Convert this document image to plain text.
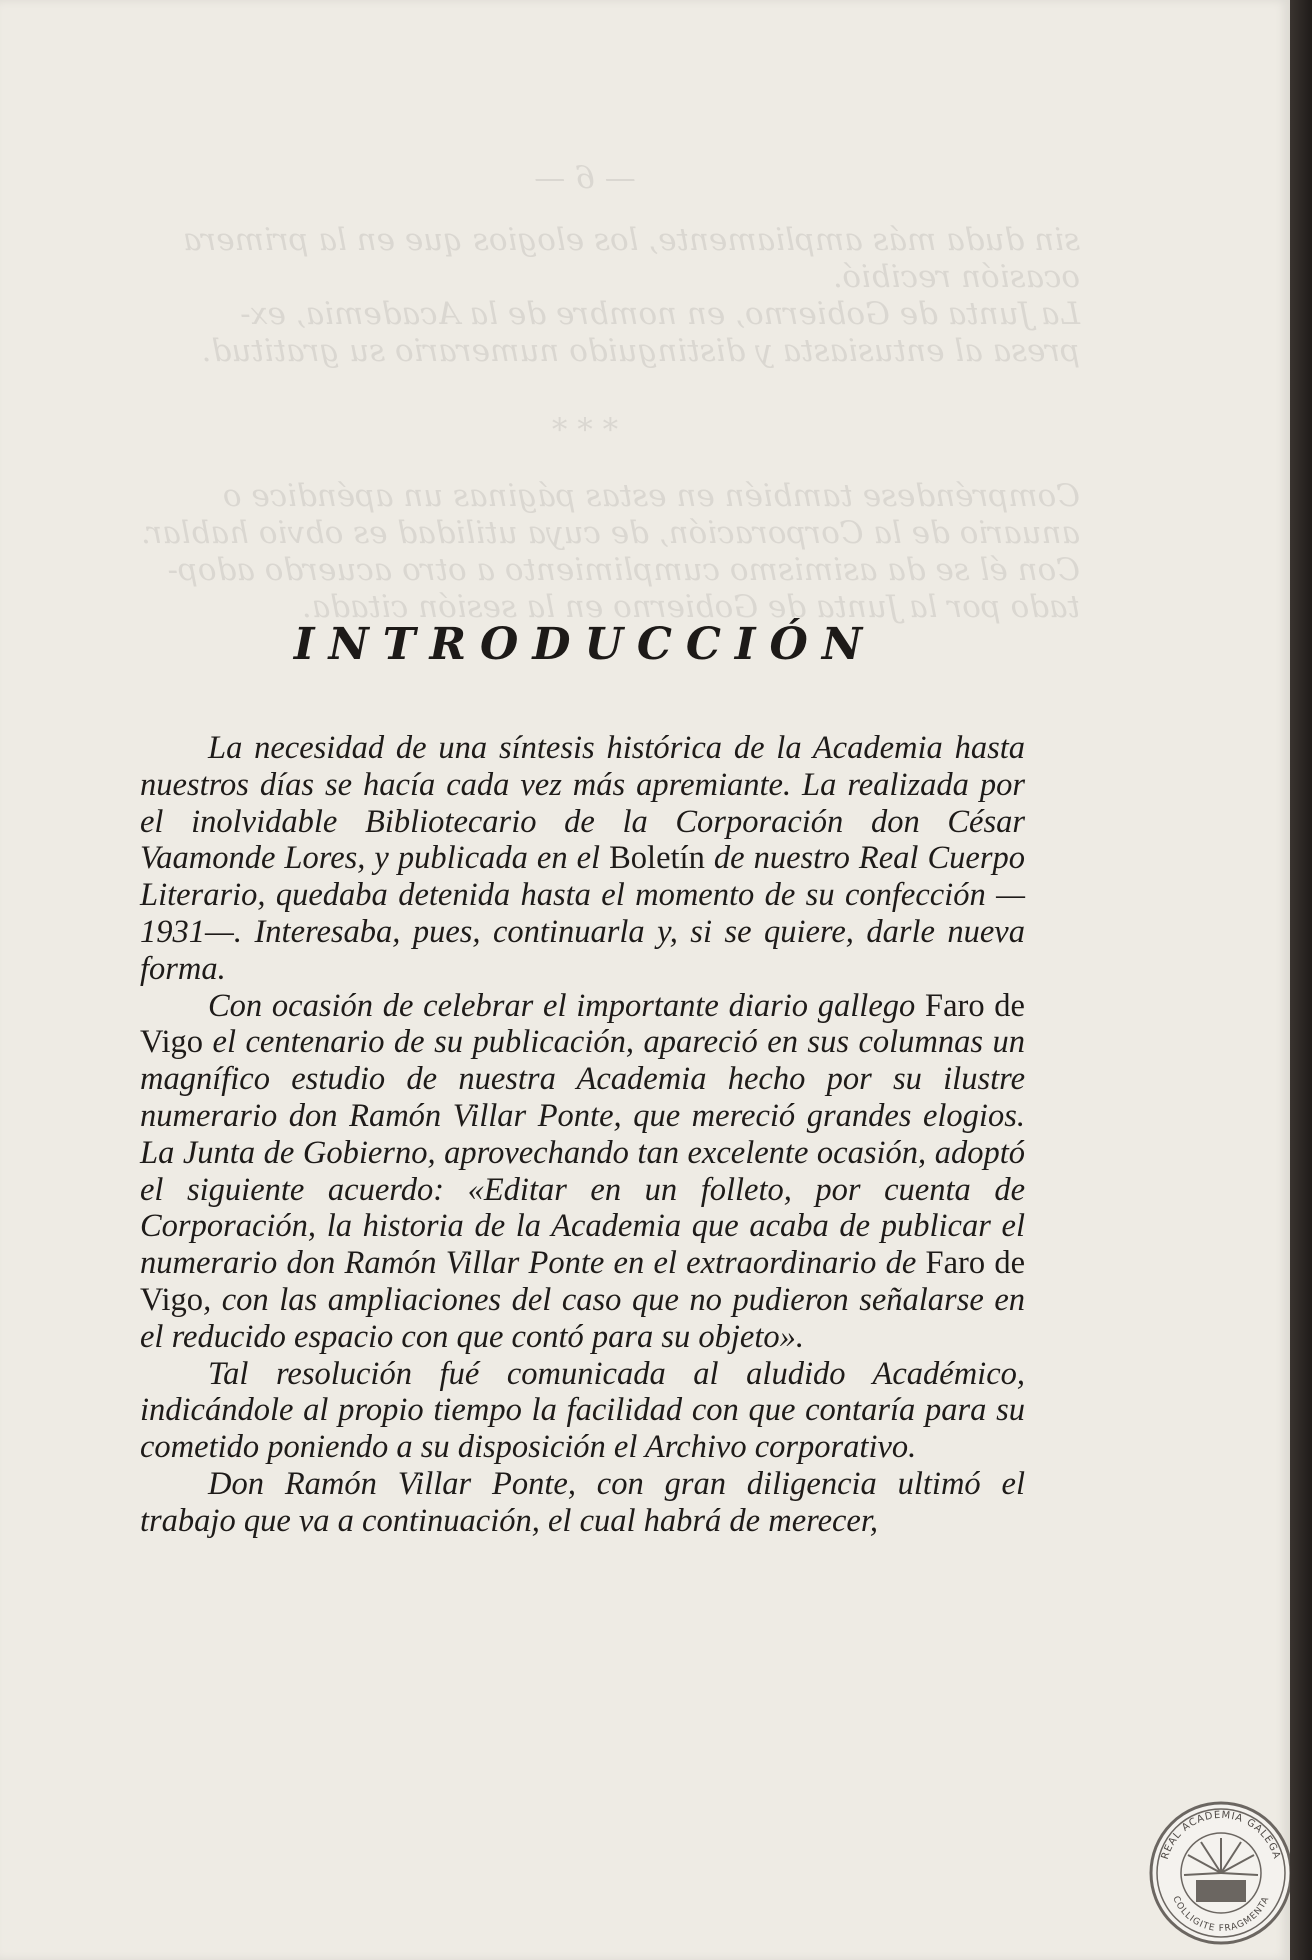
— 6 —
sin duda más ampliamente, los elogios que en la primera
ocasión recibió.
La Junta de Gobierno, en nombre de la Academia, ex-
presa al entusiasta y distinguido numerario su gratitud.
* * *
Compréndese también en estas páginas un apéndice o
anuario de la Corporación, de cuya utilidad es obvio hablar.
Con él se da asimismo cumplimiento a otro acuerdo adop-
tado por la Junta de Gobierno en la sesión citada.
INTRODUCCIÓN

La necesidad de una síntesis histórica de la Academia hasta nuestros días se hacía cada vez más apremiante. La realizada por el inolvidable Bibliotecario de la Corporación don César Vaamonde Lores, y publicada en el Boletín de nuestro Real Cuerpo Literario, quedaba detenida hasta el momento de su confección —1931—. Interesaba, pues, continuarla y, si se quiere, darle nueva forma.

Con ocasión de celebrar el importante diario gallego Faro de Vigo el centenario de su publicación, apareció en sus columnas un magnífico estudio de nuestra Academia hecho por su ilustre numerario don Ramón Villar Ponte, que mereció grandes elogios. La Junta de Gobierno, aprovechando tan excelente ocasión, adoptó el siguiente acuerdo: «Editar en un folleto, por cuenta de Corporación, la historia de la Academia que acaba de publicar el numerario don Ramón Villar Ponte en el extraordinario de Faro de Vigo, con las ampliaciones del caso que no pudieron señalarse en el reducido espacio con que contó para su objeto».

Tal resolución fué comunicada al aludido Académico, indicándole al propio tiempo la facilidad con que contaría para su cometido poniendo a su disposición el Archivo corporativo.

Don Ramón Villar Ponte, con gran diligencia ultimó el trabajo que va a continuación, el cual habrá de merecer,

REAL ACADEMIA GALEGA
COLLIGITE FRAGMENTA
